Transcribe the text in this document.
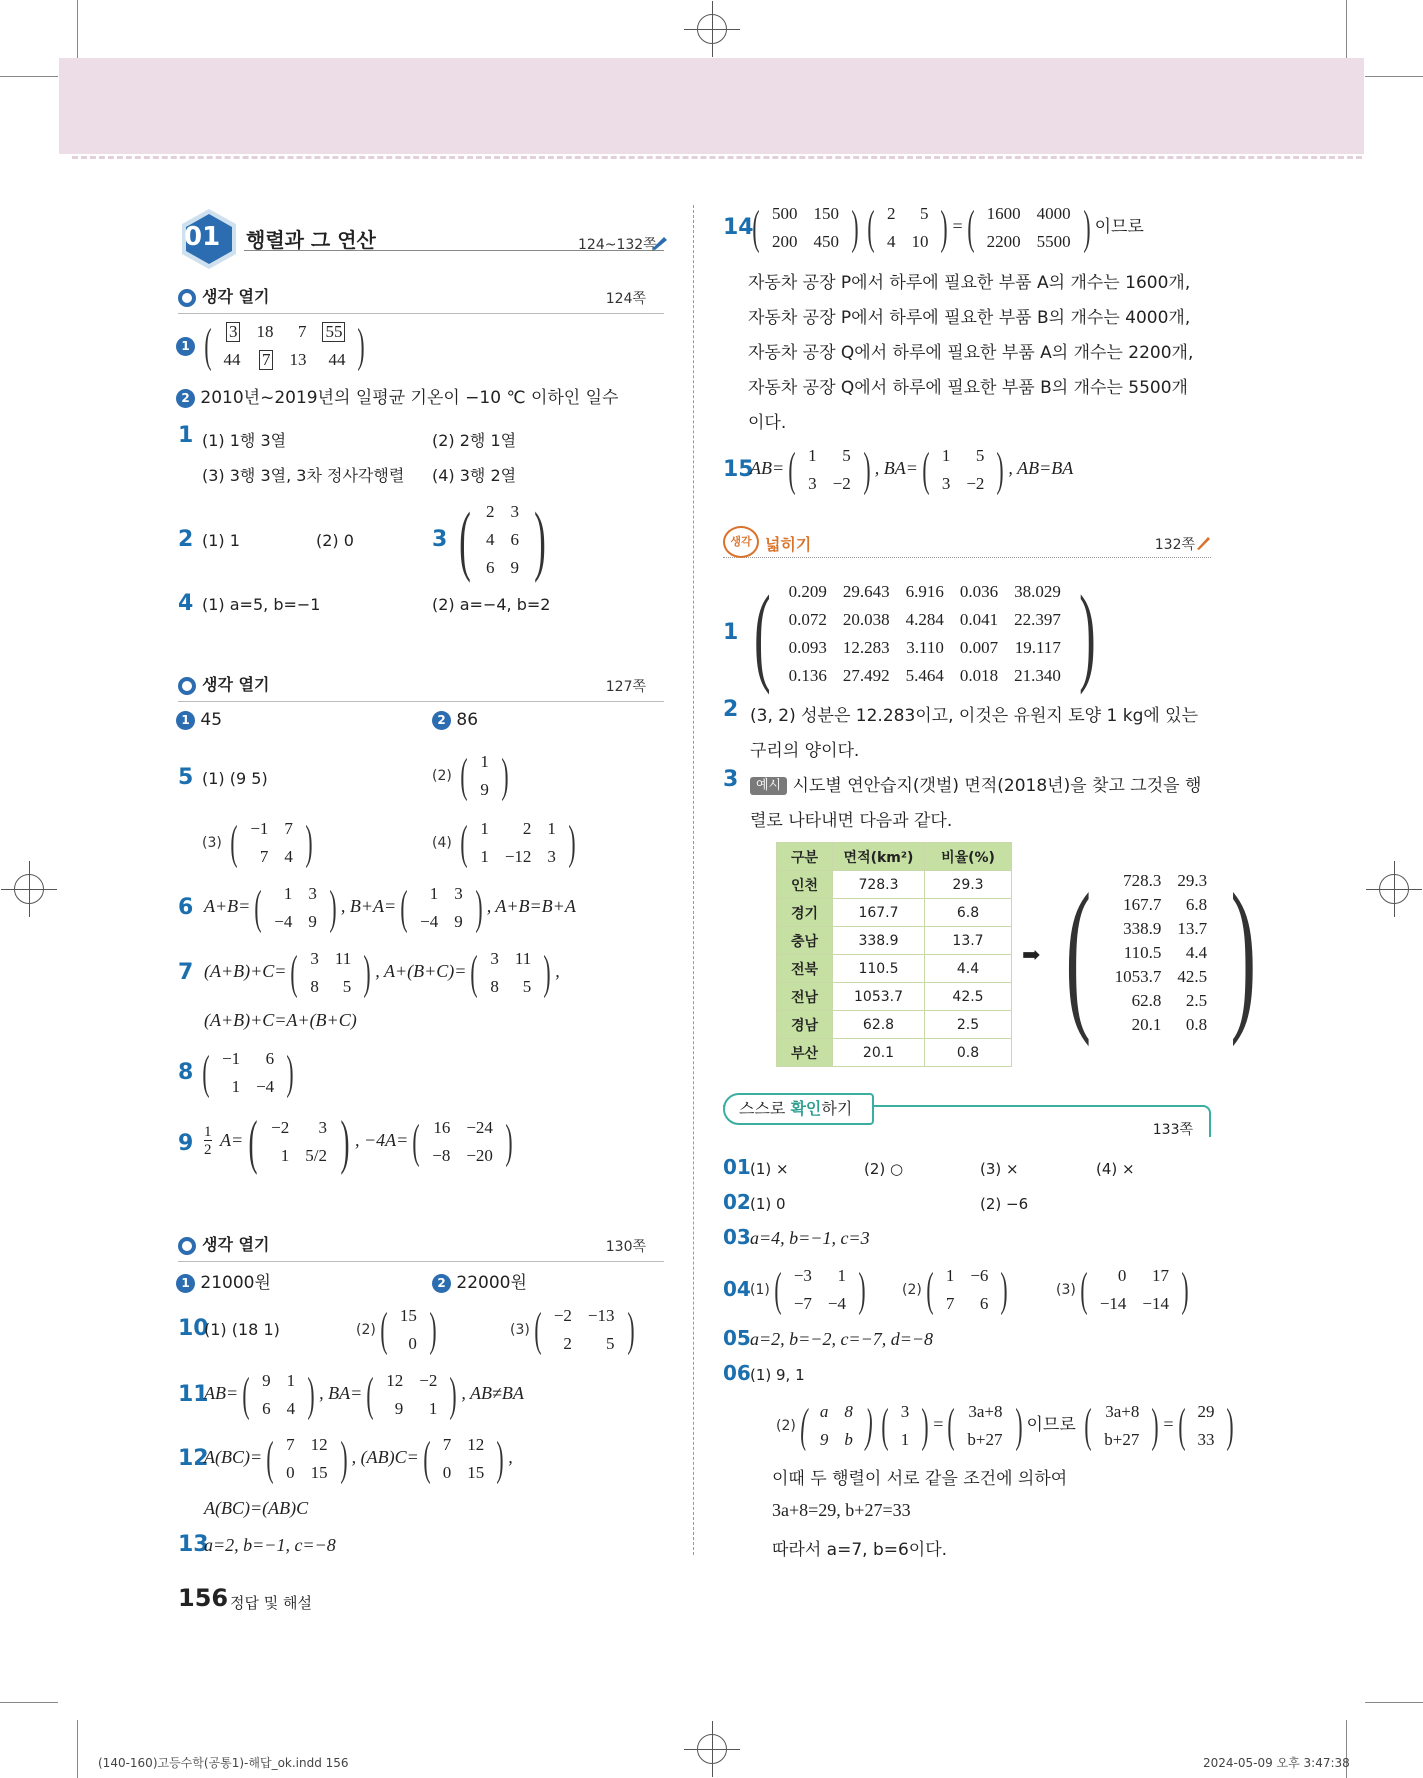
01 행렬과 그 연산	124~132쪽
생각 열기	124쪽
1 ( 3	18	7	55
44	7	13	44 )
2 2010년~2019년의 일평균 기온이 −10 ℃ 이하인 일수
1 (1) 1행 3열	(2) 2행 1열
(3) 3행 3열, 3차 정사각행렬 (4) 3행 2열
2 (1) 1	(2) 0	3 ( 2	3
4	6
6	9 )
4 (1) a=5, b=−1	(2) a=−4, b=2
생각 열기	127쪽
1 45	2 86
5 (1) (9 5)	(2) ( 1
9 )
(3) ( −1	7
7	4 )	(4) ( 1	2	1
1	−12	3 )
6 A+B= ( 1	3
−4	9 ) , B+A= ( 1	3
−4	9 ) , A+B=B+A
7 (A+B)+C= ( 3	11
8	5 ) , A+(B+C)= ( 3	11
8	5 ) ,
(A+B)+C=A+(B+C)
8 ( −1	6
1	−4 )
9 1
2 A= ( −2	3
1	5/2 ) , −4A= ( 16	−24
−8	−20 )
생각 열기	130쪽
1 21000원	2 22000원
10
(1) (18 1)	(2) ( 15
0 )	(3) ( −2	−13
2	5 )
11
AB= ( 9	1
6	4 ) , BA= ( 12	−2
9	1 ) , AB≠BA
12
A(BC)= ( 7	12
0	15 ) , (AB)C= ( 7	12
0	15 ) ,
A(BC)=(AB)C
13
a=2, b=−1, c=−8
156 정답 및 해설
(140-160)고등수학(공통1)-해답_ok.indd 156	2024-05-09 오후 3:47:38
14
( 500	150
200	450 ) ( 2	5
4	10 ) = ( 1600	4000
2200	5500 ) 이므로
자동차 공장 P에서 하루에 필요한 부품 A의 개수는 1600개,
자동차 공장 P에서 하루에 필요한 부품 B의 개수는 4000개,
자동차 공장 Q에서 하루에 필요한 부품 A의 개수는 2200개,
자동차 공장 Q에서 하루에 필요한 부품 B의 개수는 5500개
이다.
15
AB= ( 1	5
3	−2 ) , BA= ( 1	5
3	−2 ) , AB=BA
생각 넓히기	132쪽
1 ( 0.209	29.643	6.916	0.036	38.029
0.072	20.038	4.284	0.041	22.397
0.093	12.283	3.110	0.007	19.117
0.136	27.492	5.464	0.018	21.340 )
2 (3, 2) 성분은 12.283이고, 이것은 유원지 토양 1 kg에 있는
구리의 양이다.
3	예시 시도별 연안습지(갯벌) 면적(2018년)을 찾고 그것을 행
렬로 나타내면 다음과 같다.
구분	면적(km²)	비율(%)
인천	728.3	29.3
경기	167.7	6.8
충남	338.9	13.7
전북	110.5	4.4
전남	1053.7	42.5
경남	62.8	2.5
부산	20.1	0.8
➡ ( 728.3	29.3
167.7	6.8
338.9	13.7
110.5	4.4
1053.7	42.5
62.8	2.5
20.1	0.8 )
스스로 확인하기
133쪽
01 (1) ×	(2) ○	(3) ×	(4) ×
02 (1) 0	(2) −6
03 a=4, b=−1, c=3
04 (1) ( −3	1
−7	−4 )	(2) ( 1	−6
7	6 )	(3) ( 0	17
−14	−14 )
05 a=2, b=−2, c=−7, d=−8
06 (1) 9, 1
(2) ( a	8
9	b ) ( 3
1 ) = ( 3a+8
b+27 ) 이므로 ( 3a+8
b+27 ) = ( 29
33 )
이때 두 행렬이 서로 같을 조건에 의하여
3a+8=29, b+27=33
따라서 a=7, b=6이다.
